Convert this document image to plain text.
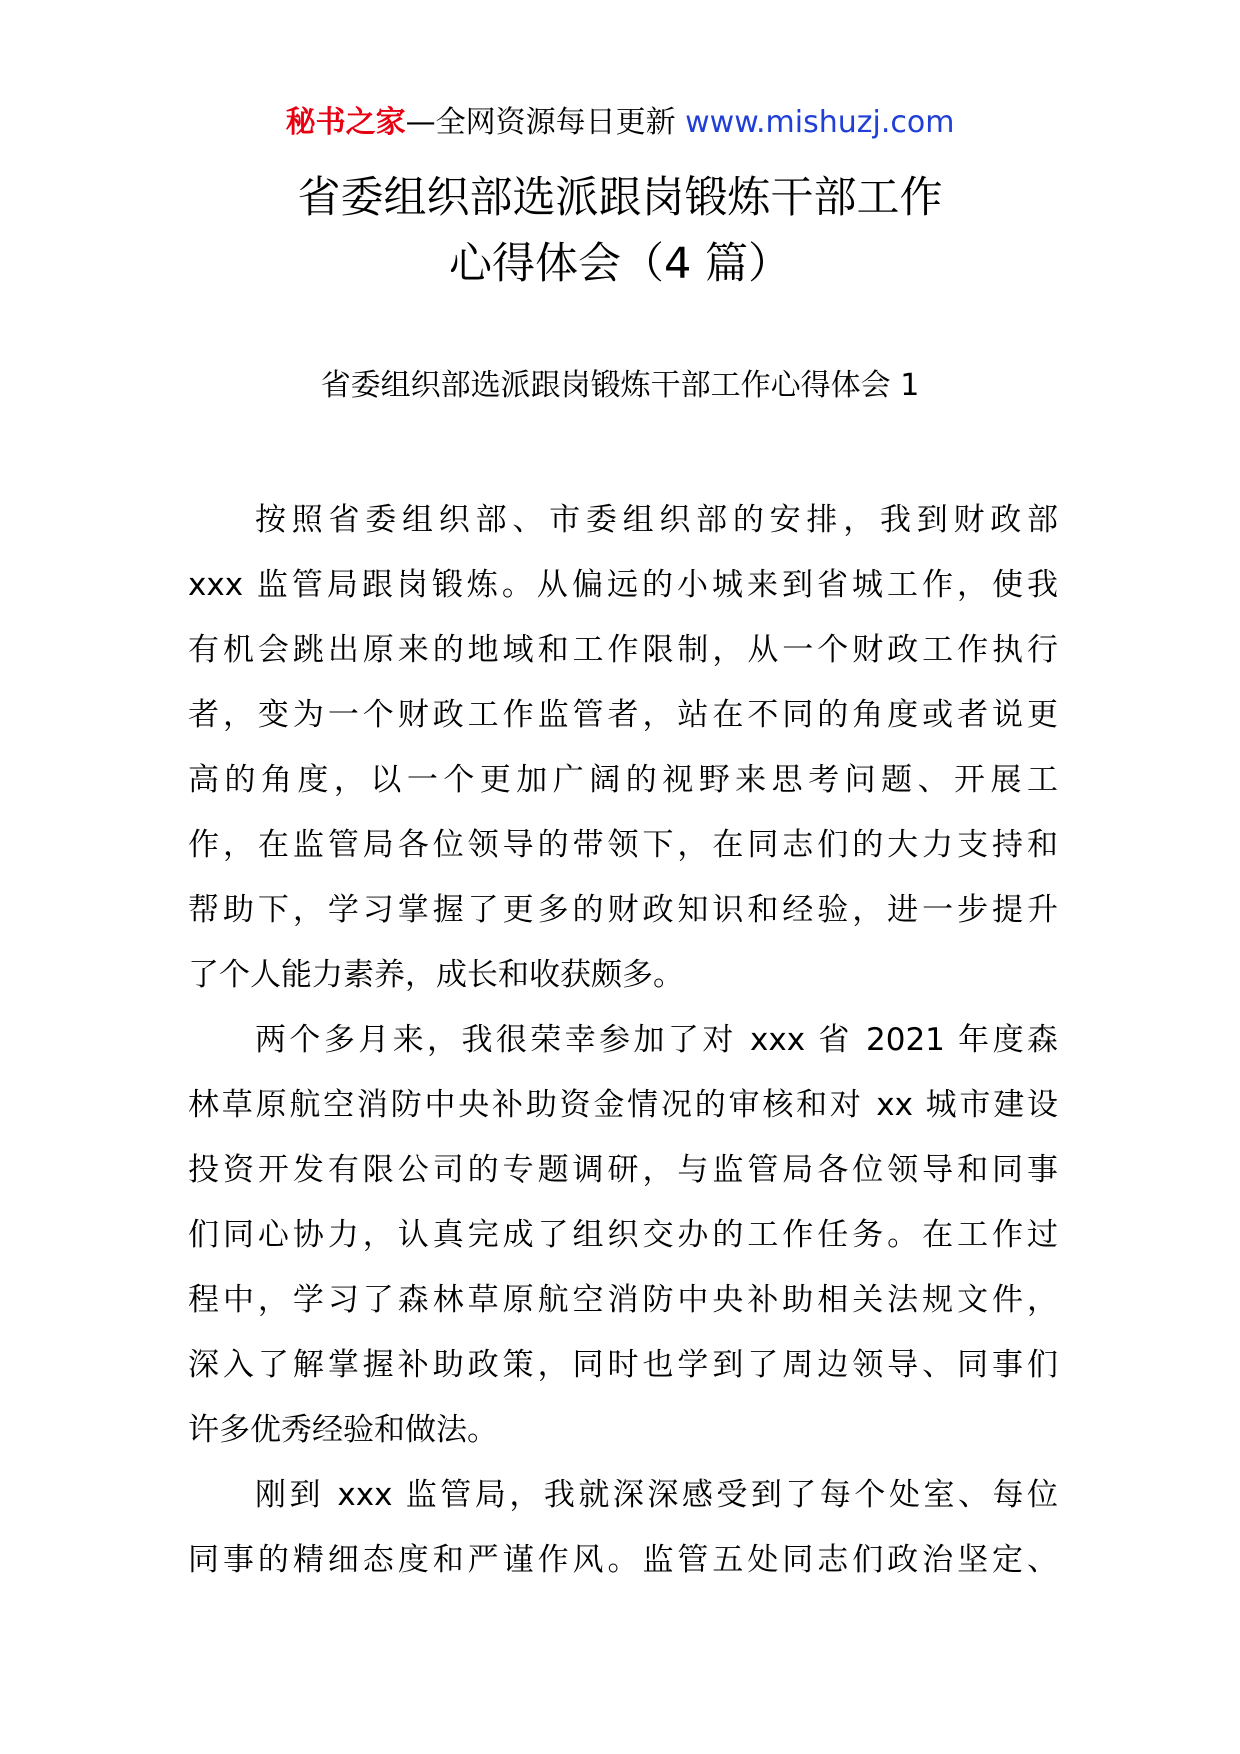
秘书之家—全网资源每日更新 www.mishuzj.com
省委组织部选派跟岗锻炼干部工作
心得体会（4 篇）
省委组织部选派跟岗锻炼干部工作心得体会 1
按照省委组织部、市委组织部的安排，我到财政部
xxx 监管局跟岗锻炼。从偏远的小城来到省城工作，使我
有机会跳出原来的地域和工作限制，从一个财政工作执行
者，变为一个财政工作监管者，站在不同的角度或者说更
高的角度，以一个更加广阔的视野来思考问题、开展工
作，在监管局各位领导的带领下，在同志们的大力支持和
帮助下，学习掌握了更多的财政知识和经验，进一步提升
了个人能力素养，成长和收获颇多。
两个多月来，我很荣幸参加了对 xxx 省 2021 年度森
林草原航空消防中央补助资金情况的审核和对 xx 城市建设
投资开发有限公司的专题调研，与监管局各位领导和同事
们同心协力，认真完成了组织交办的工作任务。在工作过
程中，学习了森林草原航空消防中央补助相关法规文件，
深入了解掌握补助政策，同时也学到了周边领导、同事们
许多优秀经验和做法。
刚到 xxx 监管局，我就深深感受到了每个处室、每位
同事的精细态度和严谨作风。监管五处同志们政治坚定、
